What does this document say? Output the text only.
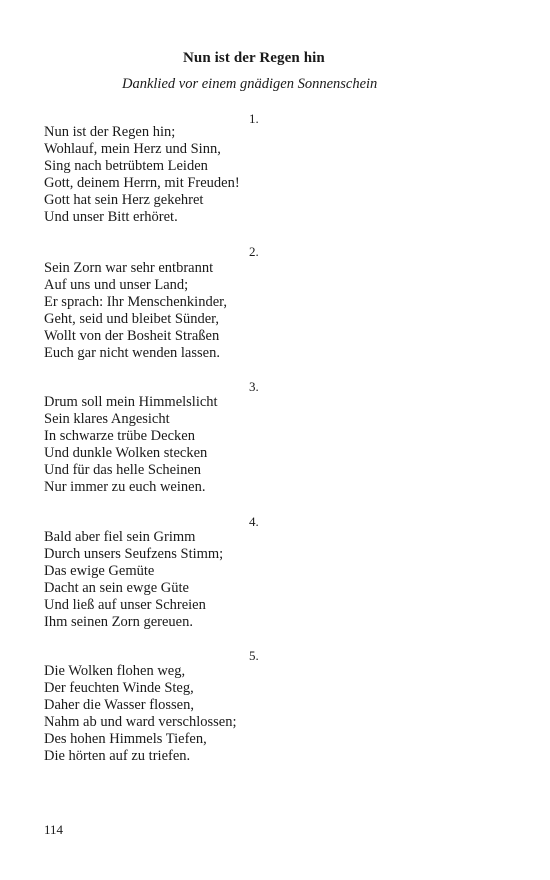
Nun ist der Regen hin
Danklied vor einem gnädigen Sonnenschein
1.
Nun ist der Regen hin;
Wohlauf, mein Herz und Sinn,
Sing nach betrübtem Leiden
Gott, deinem Herrn, mit Freuden!
Gott hat sein Herz gekehret
Und unser Bitt erhöret.
2.
Sein Zorn war sehr entbrannt
Auf uns und unser Land;
Er sprach: Ihr Menschenkinder,
Geht, seid und bleibet Sünder,
Wollt von der Bosheit Straßen
Euch gar nicht wenden lassen.
3.
Drum soll mein Himmelslicht
Sein klares Angesicht
In schwarze trübe Decken
Und dunkle Wolken stecken
Und für das helle Scheinen
Nur immer zu euch weinen.
4.
Bald aber fiel sein Grimm
Durch unsers Seufzens Stimm;
Das ewige Gemüte
Dacht an sein ewge Güte
Und ließ auf unser Schreien
Ihm seinen Zorn gereuen.
5.
Die Wolken flohen weg,
Der feuchten Winde Steg,
Daher die Wasser flossen,
Nahm ab und ward verschlossen;
Des hohen Himmels Tiefen,
Die hörten auf zu triefen.
114
